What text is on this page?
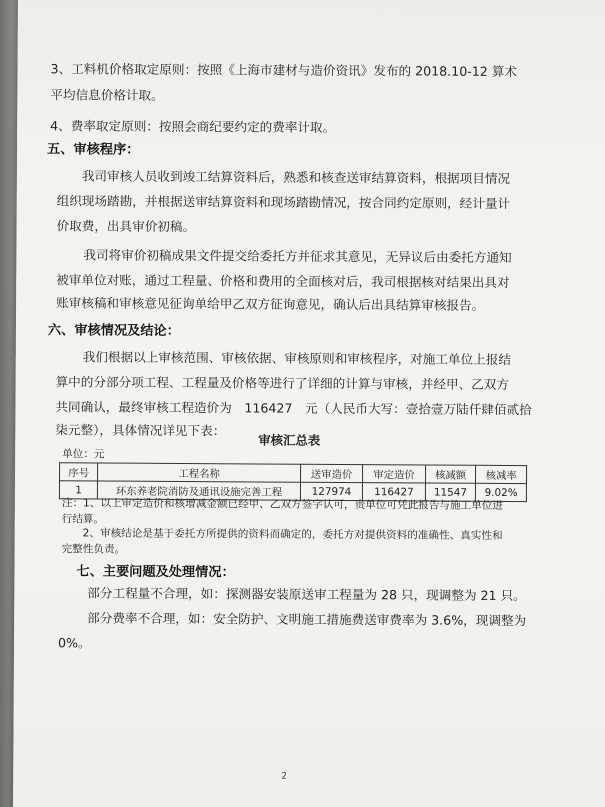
3、工料机价格取定原则：按照《上海市建材与造价资讯》发布的 2018.10-12 算术
平均信息价格计取。
4、费率取定原则：按照会商纪要约定的费率计取。
五、审核程序：
我司审核人员收到竣工结算资料后，熟悉和核查送审结算资料，根据项目情况
组织现场踏勘，并根据送审结算资料和现场踏勘情况，按合同约定原则，经计量计
价取费，出具审价初稿。
我司将审价初稿成果文件提交给委托方并征求其意见，无异议后由委托方通知
被审单位对账，通过工程量、价格和费用的全面核对后，我司根据核对结果出具对
账审核稿和审核意见征询单给甲乙双方征询意见，确认后出具结算审核报告。
六、审核情况及结论：
我们根据以上审核范围、审核依据、审核原则和审核程序，对施工单位上报结
算中的分部分项工程、工程量及价格等进行了详细的计算与审核，并经甲、乙双方
共同确认，最终审核工程造价为　116427　元（人民币大写：壹拾壹万陆仟肆佰贰拾
柒元整），具体情况详见下表：
审核汇总表
单位：元
序号	工程名称	送审造价	审定造价	核减额	核减率
1	环东养老院消防及通讯设施完善工程	127974	116427	11547	9.02%
注：1、以上审定造价和核增减金额已经甲、乙双方签字认可，贵单位可凭此报告与施工单位进
行结算。
2、审核结论是基于委托方所提供的资料而确定的，委托方对提供资料的准确性、真实性和
完整性负责。
七、主要问题及处理情况：
部分工程量不合理，如：探测器安装原送审工程量为 28 只，现调整为 21 只。
部分费率不合理，如：安全防护、文明施工措施费送审费率为 3.6%，现调整为
0%。
2
